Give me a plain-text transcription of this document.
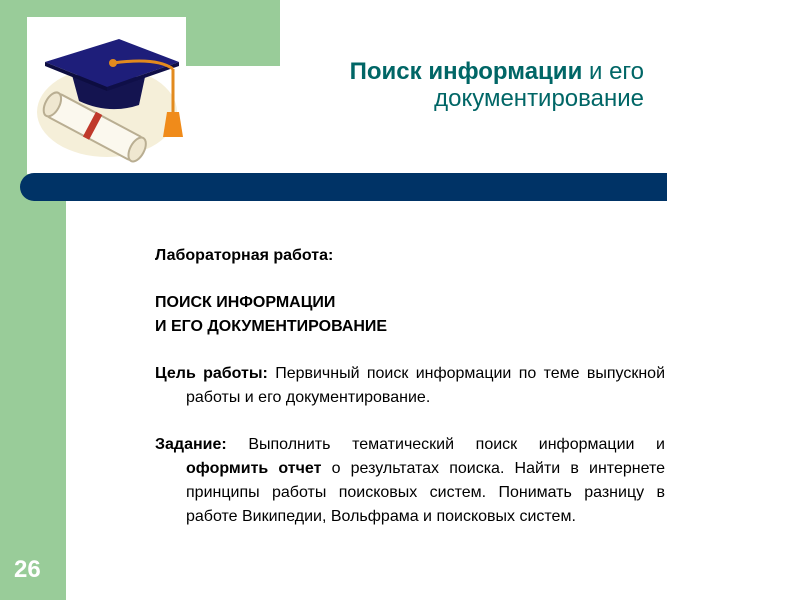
Поиск информации и его
документирование

Лабораторная работа:

ПОИСК ИНФОРМАЦИИ

И ЕГО ДОКУМЕНТИРОВАНИЕ

Цель работы: Первичный поиск информации по теме выпускной работы и его документирование.

Задание: Выполнить тематический поиск информации и оформить отчет о результатах поиска. Найти в интернете принципы работы поисковых систем. Понимать разницу в работе Википедии, Вольфрама и поисковых систем.

26
